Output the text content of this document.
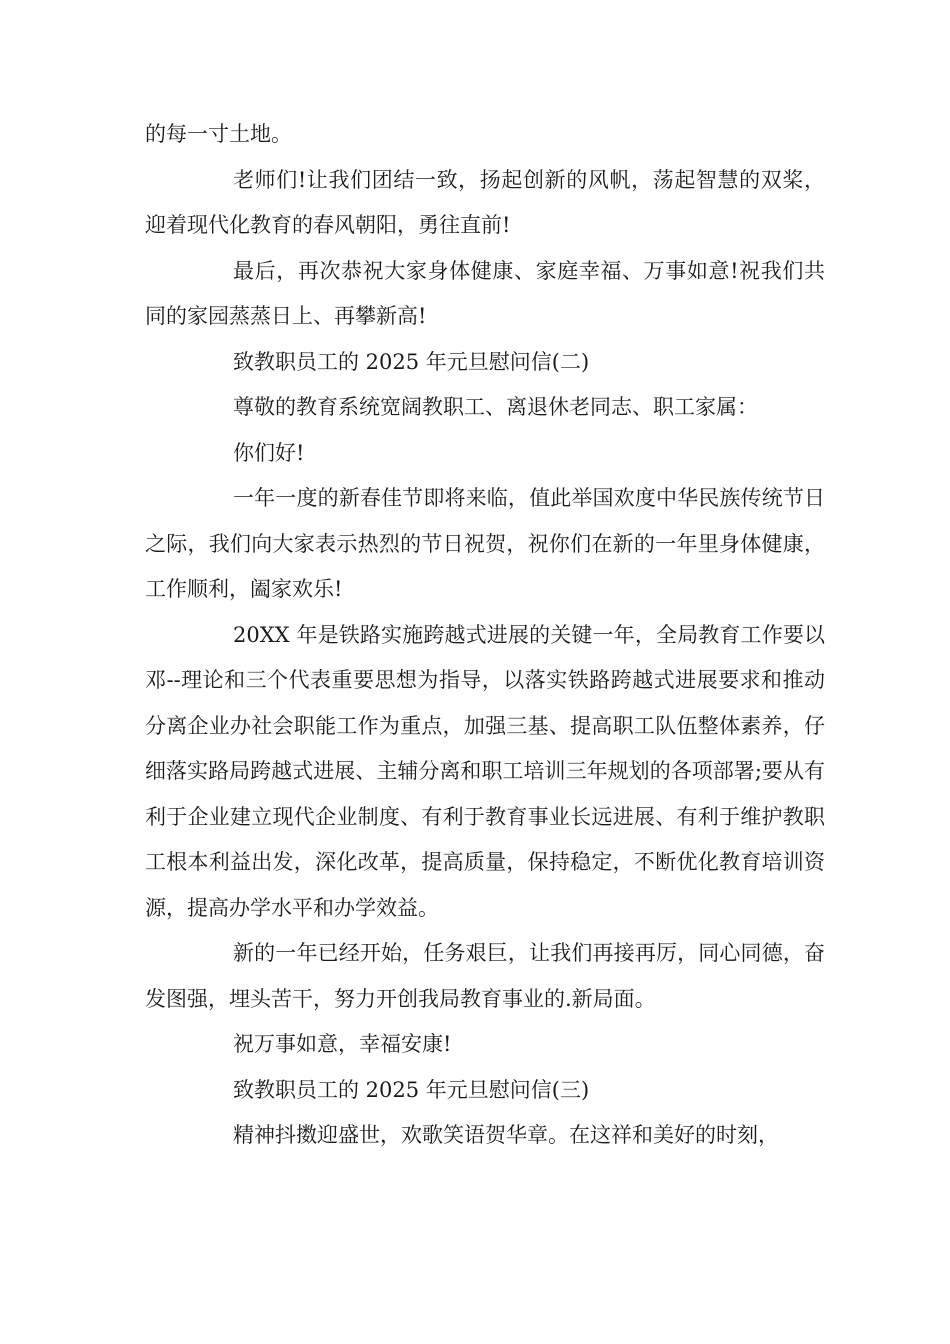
的每一寸土地。

老师们!让我们团结一致，扬起创新的风帆，荡起智慧的双桨，迎着现代化教育的春风朝阳，勇往直前!

最后，再次恭祝大家身体健康、家庭幸福、万事如意!祝我们共同的家园蒸蒸日上、再攀新高!

致教职员工的 2025 年元旦慰问信(二)

尊敬的教育系统宽阔教职工、离退休老同志、职工家属：

你们好!

一年一度的新春佳节即将来临，值此举国欢度中华民族传统节日之际，我们向大家表示热烈的节日祝贺，祝你们在新的一年里身体健康，工作顺利，阖家欢乐!

20XX 年是铁路实施跨越式进展的关键一年，全局教育工作要以邓--理论和三个代表重要思想为指导，以落实铁路跨越式进展要求和推动分离企业办社会职能工作为重点，加强三基、提高职工队伍整体素养，仔细落实路局跨越式进展、主辅分离和职工培训三年规划的各项部署;要从有利于企业建立现代企业制度、有利于教育事业长远进展、有利于维护教职工根本利益出发，深化改革，提高质量，保持稳定，不断优化教育培训资源，提高办学水平和办学效益。

新的一年已经开始，任务艰巨，让我们再接再厉，同心同德，奋发图强，埋头苦干，努力开创我局教育事业的.新局面。

祝万事如意，幸福安康!

致教职员工的 2025 年元旦慰问信(三)

精神抖擞迎盛世，欢歌笑语贺华章。在这祥和美好的时刻，
